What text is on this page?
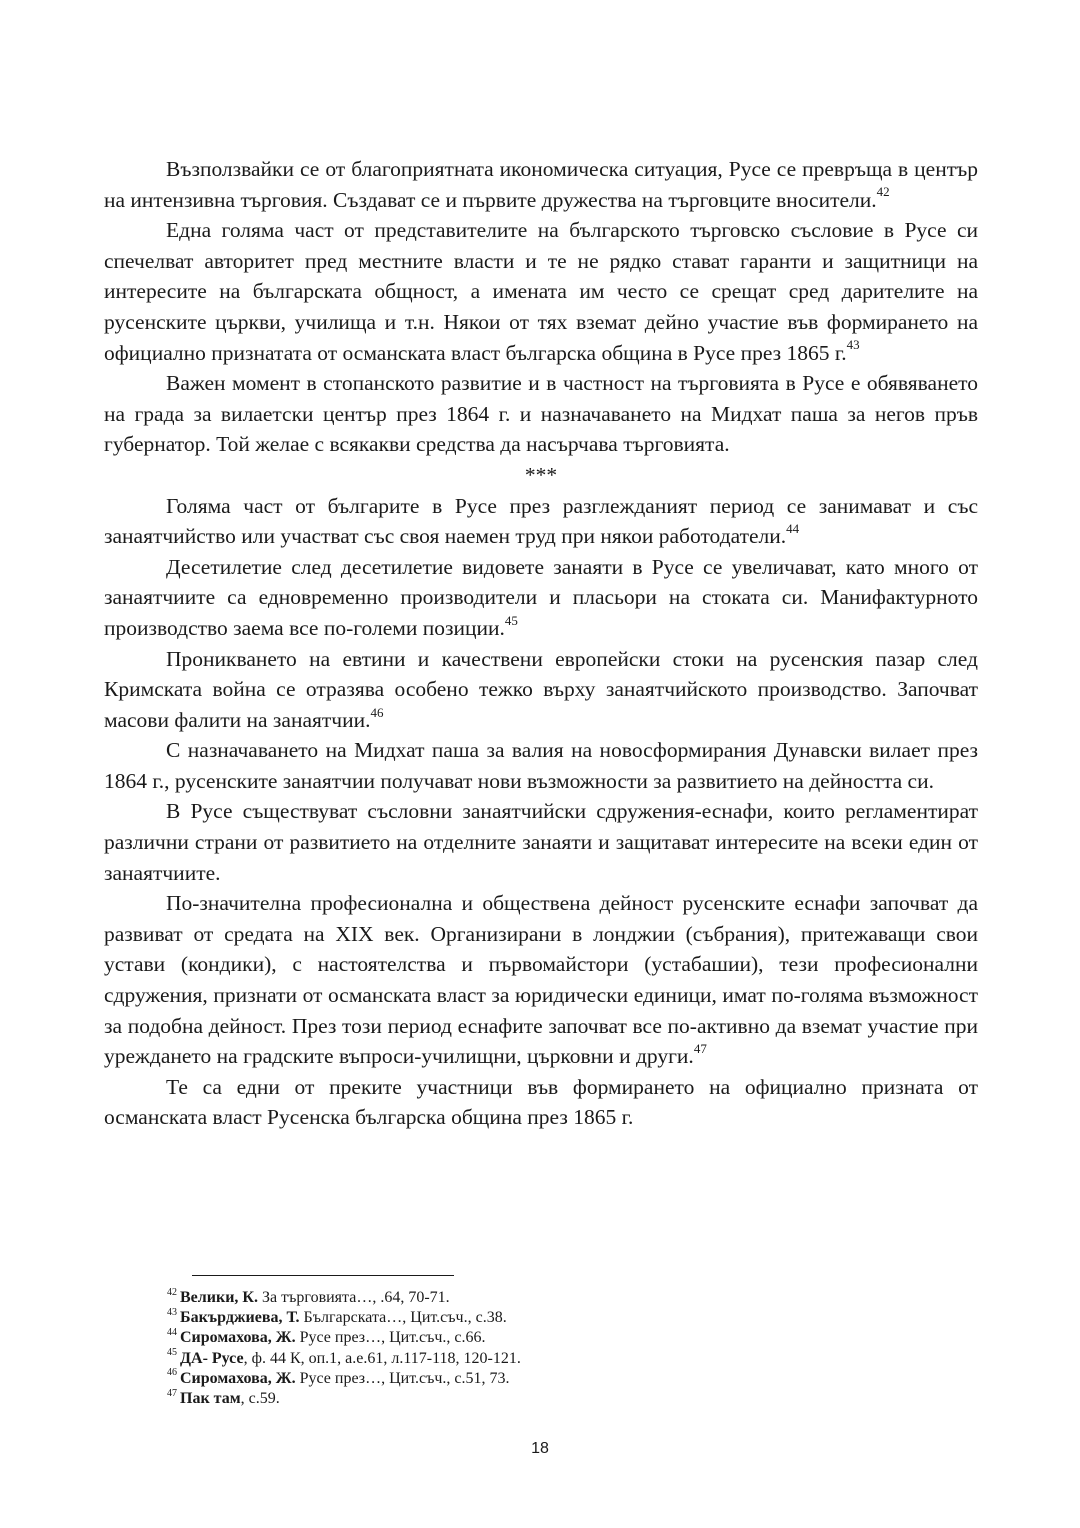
Възползвайки се от благоприятната икономическа ситуация, Русе се превръща в център на интензивна търговия. Създават се и първите дружества на търговците вносители.$^{42}$

Една голяма част от представителите на българското търговско съсловие в Русе си спечелват авторитет пред местните власти и те не рядко стават гаранти и защитници на интересите на българската общност, а имената им често се срещат сред дарителите на русенските църкви, училища и т.н. Някои от тях вземат дейно участие във формирането на официално признатата от османската власт българска община в Русе през 1865 г.$^{43}$

Важен момент в стопанското развитие и в частност на търговията в Русе е обявяването на града за вилаетски център през 1864 г. и назначаването на Мидхат паша за негов пръв губернатор. Той желае с всякакви средства да насърчава търговията.

***

Голяма част от българите в Русе през разглежданият период се занимават и със занаятчийство или участват със своя наемен труд при някои работодатели.$^{44}$

Десетилетие след десетилетие видовете занаяти в Русе се увеличават, като много от занаятчиите са едновременно производители и пласьори на стоката си. Манифактурното производство заема все по-големи позиции.$^{45}$

Проникването на евтини и качествени европейски стоки на русенския пазар след Кримската война се отразява особено тежко върху занаятчийското производство. Започват масови фалити на занаятчии.$^{46}$

С назначаването на Мидхат паша за валия на новосформирания Дунавски вилает през 1864 г., русенските занаятчии получават нови възможности за развитието на дейността си.

В Русе съществуват съсловни занаятчийски сдружения-еснафи, които регламентират различни страни от развитието на отделните занаяти и защитават интересите на всеки един от занаятчиите.

По-значителна професионална и обществена дейност русенските еснафи започват да развиват от средата на XIX век. Организирани в лонджии (събрания), притежаващи свои устави (кондики), с настоятелства и първомайстори (устабашии), тези професионални сдружения, признати от османската власт за юридически единици, имат по-голяма възможност за подобна дейност. През този период еснафите започват все по-активно да вземат участие при уреждането на градските въпроси-училищни, църковни и други.$^{47}$

Те са едни от преките участници във формирането на официално призната от османската власт Русенска българска община през 1865 г.

$^{42}$ Велики, К. За търговията…, .64, 70-71.

$^{43}$ Бакърджиева, Т. Българската…, Цит.съч., с.38.

$^{44}$ Сиромахова, Ж. Русе през…, Цит.съч., с.66.

$^{45}$ ДА- Русе, ф. 44 К, оп.1, а.е.61, л.117-118, 120-121.

$^{46}$ Сиромахова, Ж. Русе през…, Цит.съч., с.51, 73.

$^{47}$ Пак там, с.59.

18
